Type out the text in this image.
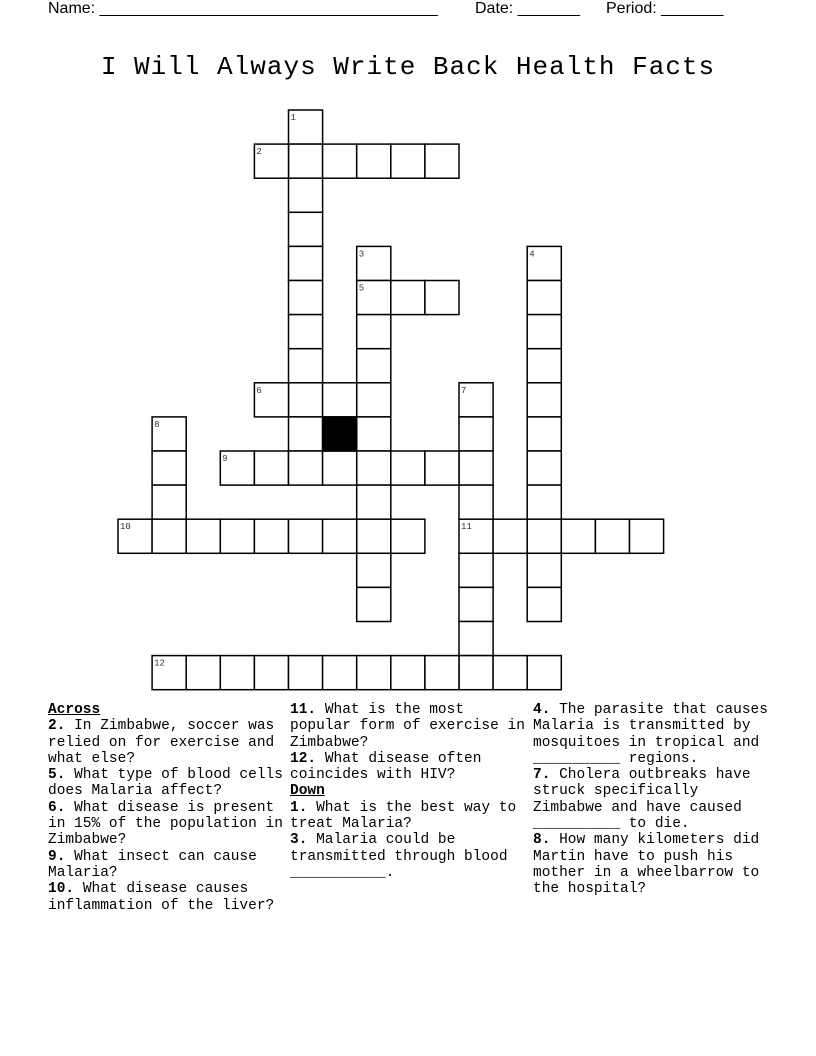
Name: ______________________________________ Date: _______ Period: _______
I Will Always Write Back Health Facts
1
2
3	4
5
6	7
8
9
10	11
12
Across
2. In Zimbabwe, soccer was relied on for exercise and what else?
5. What type of blood cells does Malaria affect?
6. What disease is present in 15% of the population in Zimbabwe?
9. What insect can cause Malaria?
10. What disease causes inflammation of the liver?
11. What is the most popular form of exercise in Zimbabwe?
12. What disease often coincides with HIV?
Down
1. What is the best way to treat Malaria?
3. Malaria could be transmitted through blood ___________.
4. The parasite that causes Malaria is transmitted by mosquitoes in tropical and __________ regions.
7. Cholera outbreaks have struck specifically Zimbabwe and have caused __________ to die.
8. How many kilometers did Martin have to push his mother in a wheelbarrow to the hospital?
